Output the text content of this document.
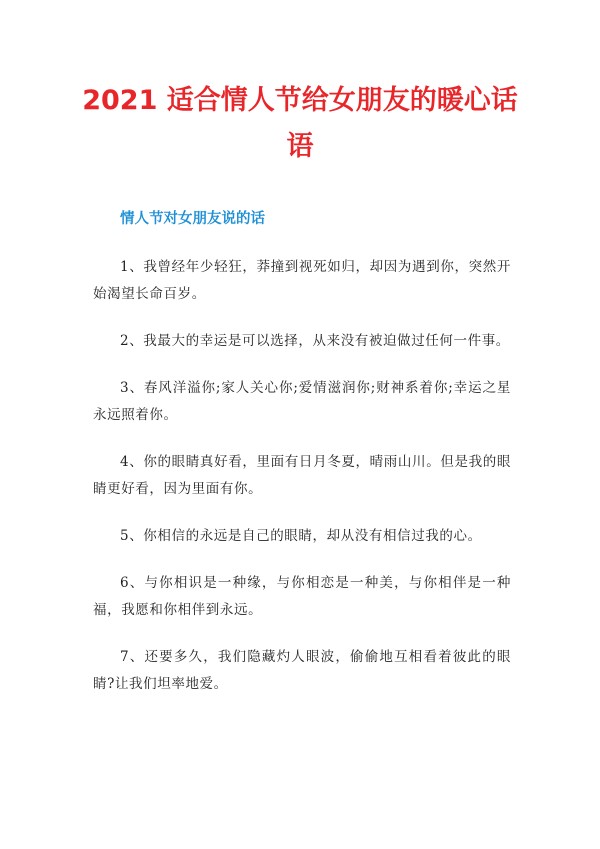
2021 适合情人节给女朋友的暖心话语
情人节对女朋友说的话
1、我曾经年少轻狂，莽撞到视死如归，却因为遇到你，突然开始渴望长命百岁。
2、我最大的幸运是可以选择，从来没有被迫做过任何一件事。
3、春风洋溢你;家人关心你;爱情滋润你;财神系着你;幸运之星永远照着你。
4、你的眼睛真好看，里面有日月冬夏，晴雨山川。但是我的眼睛更好看，因为里面有你。
5、你相信的永远是自己的眼睛，却从没有相信过我的心。
6、与你相识是一种缘，与你相恋是一种美，与你相伴是一种福，我愿和你相伴到永远。
7、还要多久，我们隐藏灼人眼波，偷偷地互相看着彼此的眼睛?让我们坦率地爱。
